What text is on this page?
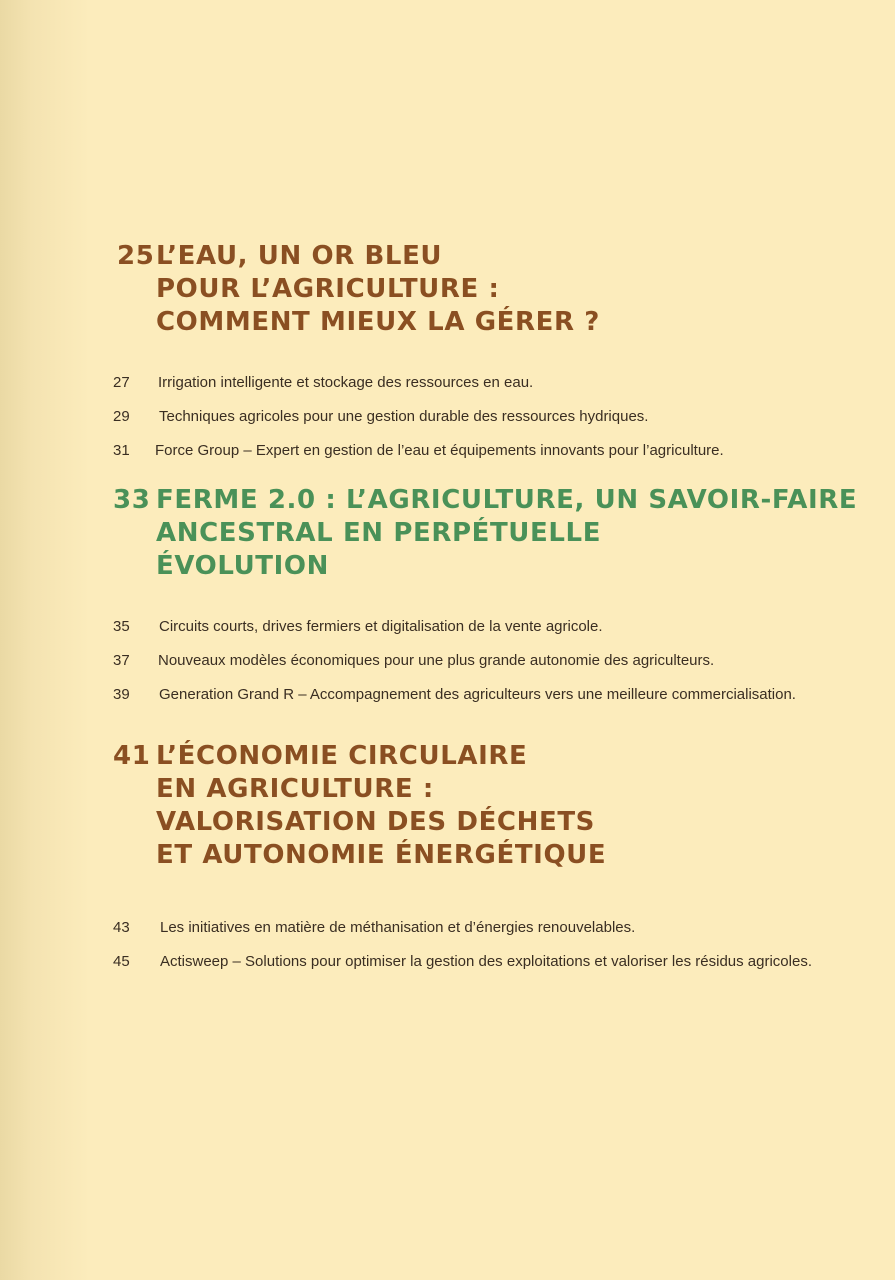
25 L’EAU, UN OR BLEU
POUR L’AGRICULTURE :
COMMENT MIEUX LA GÉRER ?
27 Irrigation intelligente et stockage des ressources en eau.
29 Techniques agricoles pour une gestion durable des ressources hydriques.
31 Force Group – Expert en gestion de l’eau et équipements innovants pour l’agriculture.
33 FERME 2.0 : L’AGRICULTURE, UN SAVOIR-FAIRE
ANCESTRAL EN PERPÉTUELLE
ÉVOLUTION
35 Circuits courts, drives fermiers et digitalisation de la vente agricole.
37 Nouveaux modèles économiques pour une plus grande autonomie des agriculteurs.
39 Generation Grand R – Accompagnement des agriculteurs vers une meilleure commercialisation.
41 L’ÉCONOMIE CIRCULAIRE
EN AGRICULTURE :
VALORISATION DES DÉCHETS
ET AUTONOMIE ÉNERGÉTIQUE
43 Les initiatives en matière de méthanisation et d’énergies renouvelables.
45 Actisweep – Solutions pour optimiser la gestion des exploitations et valoriser les résidus agricoles.
